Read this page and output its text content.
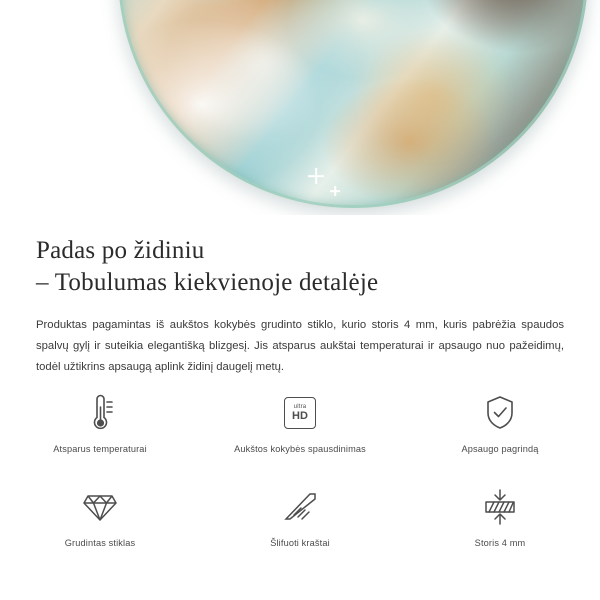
Padas po židiniu
– Tobulumas kiekvienoje detalėje

Produktas pagamintas iš aukštos kokybės grudinto stiklo, kurio storis 4 mm, kuris pabrėžia spaudos spalvų gylį ir suteikia elegantišką blizgesį. Jis atsparus aukštai temperaturai ir apsaugo nuo pažeidimų, todėl užtikrins apsaugą aplink židinį daugelį metų.

Atsparus temperaturai
ultra
HD
Aukštos kokybės spausdinimas	Apsaugo pagrindą
Grudintas stiklas	Šlifuoti kraštai	Storis 4 mm
